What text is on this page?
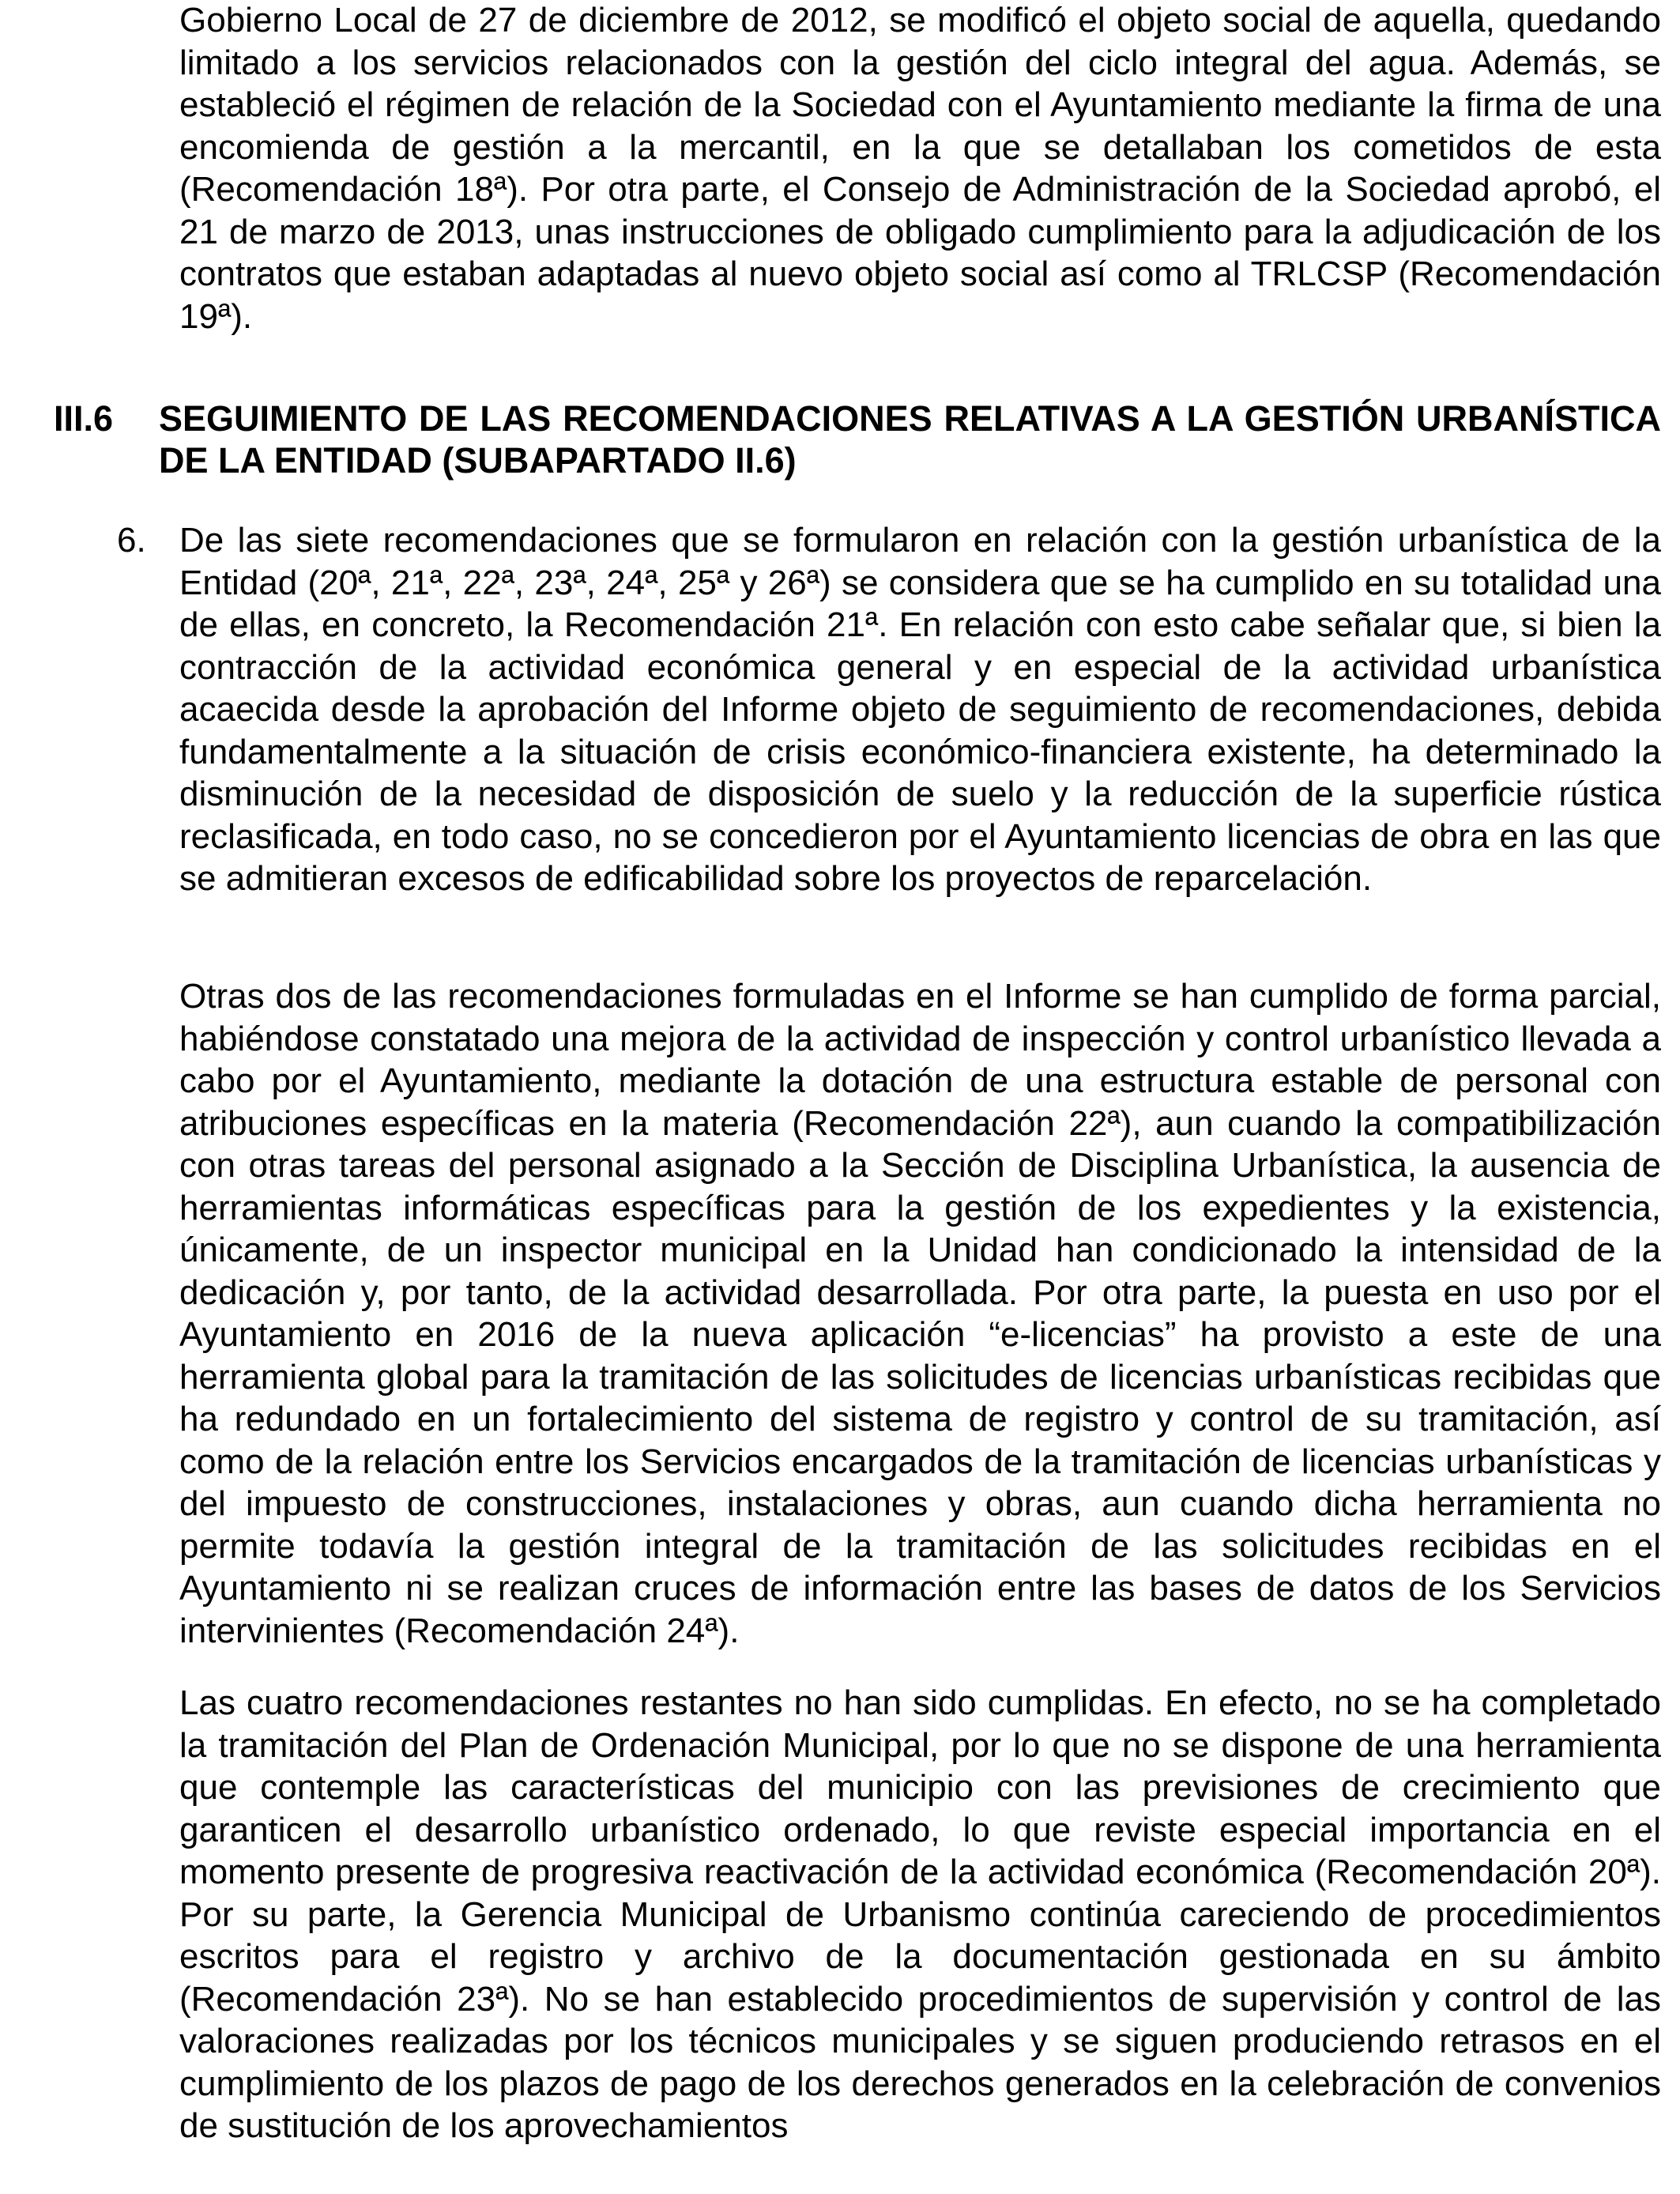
Gobierno Local de 27 de diciembre de 2012, se modificó el objeto social de aquella, quedando limitado a los servicios relacionados con la gestión del ciclo integral del agua. Además, se estableció el régimen de relación de la Sociedad con el Ayuntamiento mediante la firma de una encomienda de gestión a la mercantil, en la que se detallaban los cometidos de esta (Recomendación 18ª). Por otra parte, el Consejo de Administración de la Sociedad aprobó, el 21 de marzo de 2013, unas instrucciones de obligado cumplimiento para la adjudicación de los contratos que estaban adaptadas al nuevo objeto social así como al TRLCSP (Recomendación 19ª).

III.6 SEGUIMIENTO DE LAS RECOMENDACIONES RELATIVAS A LA GESTIÓN URBANÍSTICA DE LA ENTIDAD (SUBAPARTADO II.6)
6. De las siete recomendaciones que se formularon en relación con la gestión urbanística de la Entidad (20ª, 21ª, 22ª, 23ª, 24ª, 25ª y 26ª) se considera que se ha cumplido en su totalidad una de ellas, en concreto, la Recomendación 21ª. En relación con esto cabe señalar que, si bien la contracción de la actividad económica general y en especial de la actividad urbanística acaecida desde la aprobación del Informe objeto de seguimiento de recomendaciones, debida fundamentalmente a la situación de crisis económico-financiera existente, ha determinado la disminución de la necesidad de disposición de suelo y la reducción de la superficie rústica reclasificada, en todo caso, no se concedieron por el Ayuntamiento licencias de obra en las que se admitieran excesos de edificabilidad sobre los proyectos de reparcelación.

Otras dos de las recomendaciones formuladas en el Informe se han cumplido de forma parcial, habiéndose constatado una mejora de la actividad de inspección y control urbanístico llevada a cabo por el Ayuntamiento, mediante la dotación de una estructura estable de personal con atribuciones específicas en la materia (Recomendación 22ª), aun cuando la compatibilización con otras tareas del personal asignado a la Sección de Disciplina Urbanística, la ausencia de herramientas informáticas específicas para la gestión de los expedientes y la existencia, únicamente, de un inspector municipal en la Unidad han condicionado la intensidad de la dedicación y, por tanto, de la actividad desarrollada. Por otra parte, la puesta en uso por el Ayuntamiento en 2016 de la nueva aplicación “e-licencias” ha provisto a este de una herramienta global para la tramitación de las solicitudes de licencias urbanísticas recibidas que ha redundado en un fortalecimiento del sistema de registro y control de su tramitación, así como de la relación entre los Servicios encargados de la tramitación de licencias urbanísticas y del impuesto de construcciones, instalaciones y obras, aun cuando dicha herramienta no permite todavía la gestión integral de la tramitación de las solicitudes recibidas en el Ayuntamiento ni se realizan cruces de información entre las bases de datos de los Servicios intervinientes (Recomendación 24ª).

Las cuatro recomendaciones restantes no han sido cumplidas. En efecto, no se ha completado la tramitación del Plan de Ordenación Municipal, por lo que no se dispone de una herramienta que contemple las características del municipio con las previsiones de crecimiento que garanticen el desarrollo urbanístico ordenado, lo que reviste especial importancia en el momento presente de progresiva reactivación de la actividad económica (Recomendación 20ª). Por su parte, la Gerencia Municipal de Urbanismo continúa careciendo de procedimientos escritos para el registro y archivo de la documentación gestionada en su ámbito (Recomendación 23ª). No se han establecido procedimientos de supervisión y control de las valoraciones realizadas por los técnicos municipales y se siguen produciendo retrasos en el cumplimiento de los plazos de pago de los derechos generados en la celebración de convenios de sustitución de los aprovechamientos
